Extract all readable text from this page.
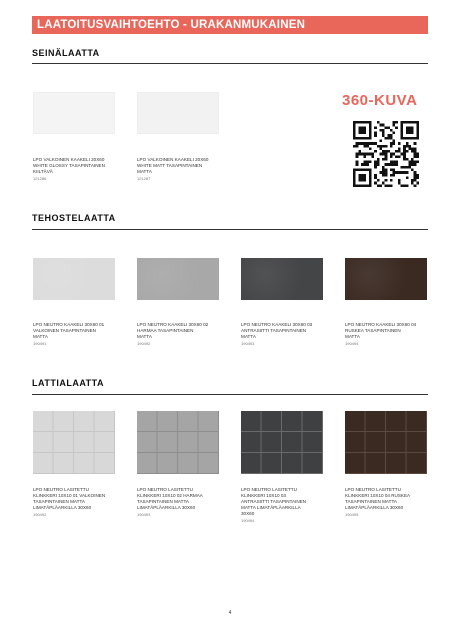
LAATOITUSVAIHTOEHTO - URAKANMUKAINEN
SEINÄLAATTA
LPO VALKOINEN KAAKELI 20X60
WHITE GLOSSY TASAPINTAINEN
KIILTÄVÄ
121286
LPO VALKOINEN KAAKELI 20X60
WHITE MATT TASAPINTAINEN
MATTA
121287
360-KUVA
TEHOSTELAATTA
LPO NEUTRO KAAKELI 30X60 01
VALKOINEN TASAPINTAINEN
MATTA
190491
LPO NEUTRO KAAKELI 30X60 02
HARMAA TASAPINTAINEN
MATTA
190492
LPO NEUTRO KAAKELI 30X60 03
ANTRASIITTI TASAPINTAINEN
MATTA
190493
LPO NEUTRO KAAKELI 30X60 04
RUSKEA TASAPINTAINEN
MATTA
190494
LATTIALAATTA
LPO NEUTRO LASITETTU
KLINKKERI 10X10 01 VALKOINEN
TASAPINTAINEN MATTA
LIMATÄPLÄARKILLA 30X60
190492
LPO NEUTRO LASITETTU
KLINKKERI 10X10 02 HARMAA
TASAPINTAINEN MATTA
LIMATÄPLÄARKILLA 30X60
190493
LPO NEUTRO LASITETTU
KLINKKERI 10X10 03
ANTRASIITTI TASAPINTAINEN
MATTA LIMATÄPLÄARKILLA
30X60
190494
LPO NEUTRO LASITETTU
KLINKKERI 10X10 04 RUSKEA
TASAPINTAINEN MATTA
LIMATÄPLÄARKILLA 30X60
190495
4
